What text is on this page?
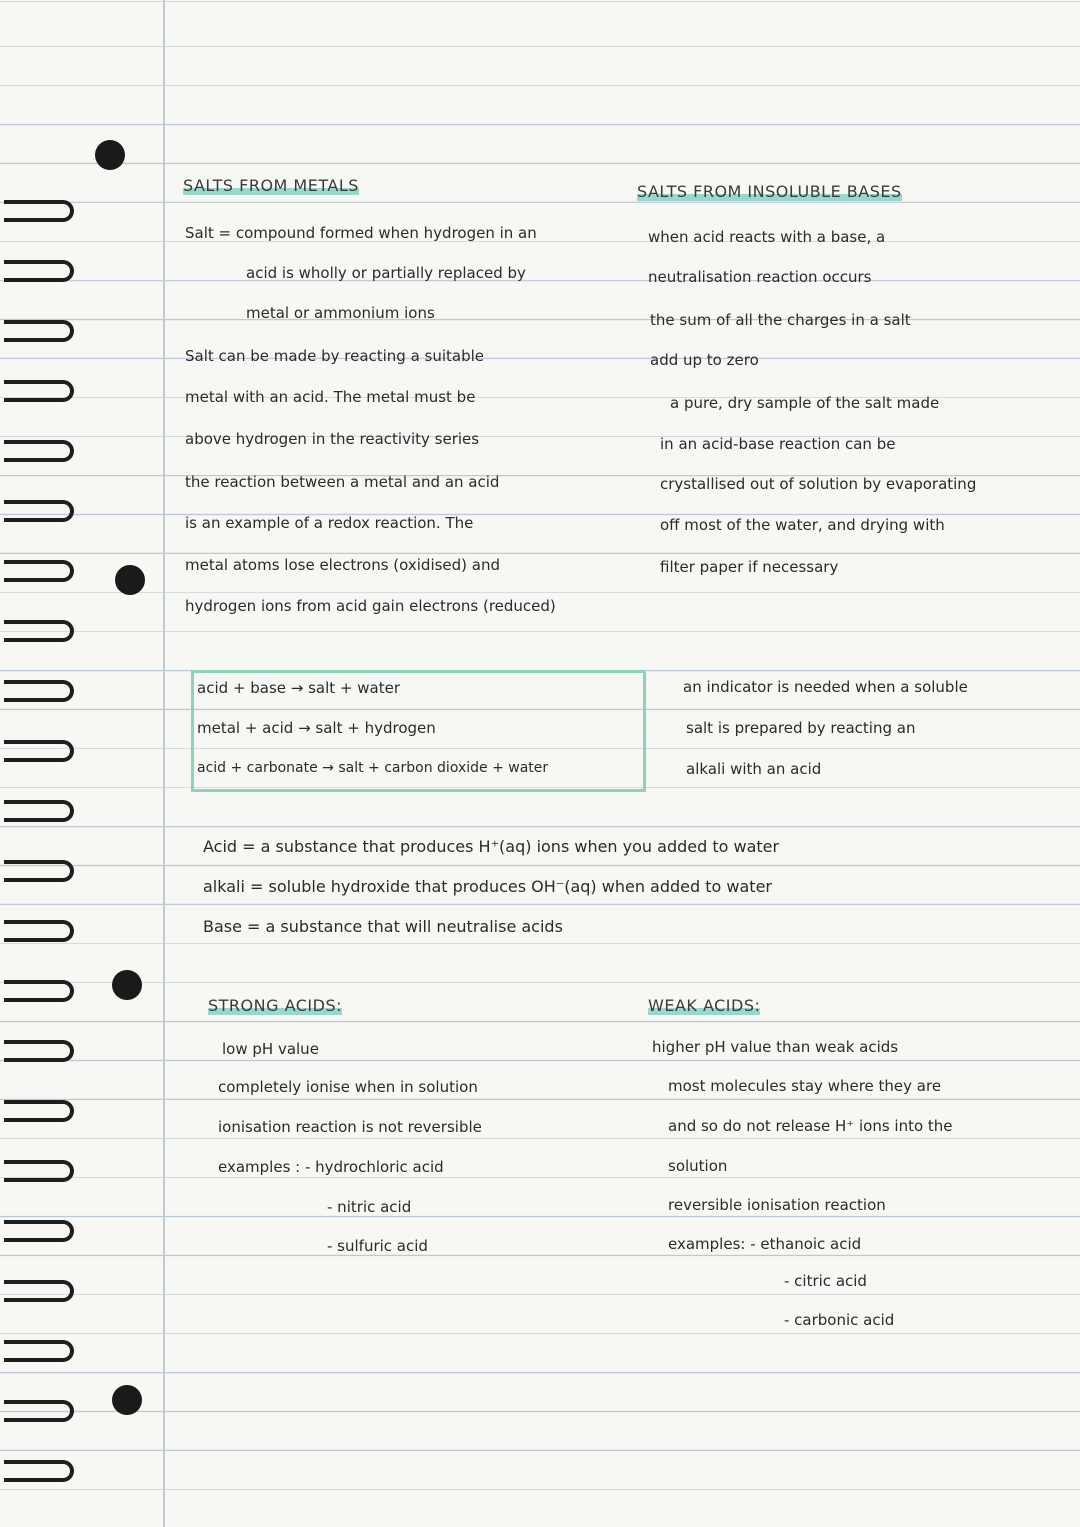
SALTS FROM METALS
Salt = compound formed when hydrogen in an
acid is wholly or partially replaced by
metal or ammonium ions
Salt can be made by reacting a suitable
metal with an acid. The metal must be
above hydrogen in the reactivity series
the reaction between a metal and an acid
is an example of a redox reaction. The
metal atoms lose electrons (oxidised) and
hydrogen ions from acid gain electrons (reduced)
SALTS FROM INSOLUBLE BASES
when acid reacts with a base, a
neutralisation reaction occurs
the sum of all the charges in a salt
add up to zero
a pure, dry sample of the salt made
in an acid-base reaction can be
crystallised out of solution by evaporating
off most of the water, and drying with
filter paper if necessary
acid + base → salt + water
metal + acid → salt + hydrogen
acid + carbonate → salt + carbon dioxide + water
an indicator is needed when a soluble
salt is prepared by reacting an
alkali with an acid
Acid = a substance that produces H⁺(aq) ions when you added to water
alkali = soluble hydroxide that produces OH⁻(aq) when added to water
Base = a substance that will neutralise acids
STRONG ACIDS:
low pH value
completely ionise when in solution
ionisation reaction is not reversible
examples : - hydrochloric acid
- nitric acid
- sulfuric acid
WEAK ACIDS:
higher pH value than weak acids
most molecules stay where they are
and so do not release H⁺ ions into the
solution
reversible ionisation reaction
examples: - ethanoic acid
- citric acid
- carbonic acid
